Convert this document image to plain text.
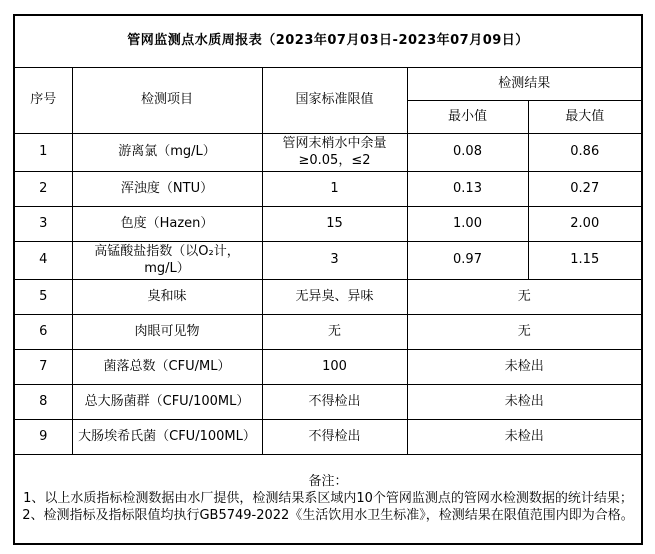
管网监测点水质周报表（2023年07月03日-2023年07月09日）				
序号	检测项目	国家标准限值	检测结果	
			最小值	最大值
1	游离氯（mg/L）	管网末梢水中余量≥0.05，≤2	0.08	0.86
2	浑浊度（NTU）	1	0.13	0.27
3	色度（Hazen）	15	1.00	2.00
4	高锰酸盐指数（以O₂计，mg/L）	3	0.97	1.15
5	臭和味	无异臭、异味	无	
6	肉眼可见物	无	无	
7	菌落总数（CFU/ML）	100	未检出	
8	总大肠菌群（CFU/100ML）	不得检出	未检出	
9	大肠埃希氏菌（CFU/100ML）	不得检出	未检出	

备注：
1、以上水质指标检测数据由水厂提供，检测结果系区域内10个管网监测点的管网水检测数据的统计结果；
2、检测指标及指标限值均执行GB5749-2022《生活饮用水卫生标准》，检测结果在限值范围内即为合格。				
